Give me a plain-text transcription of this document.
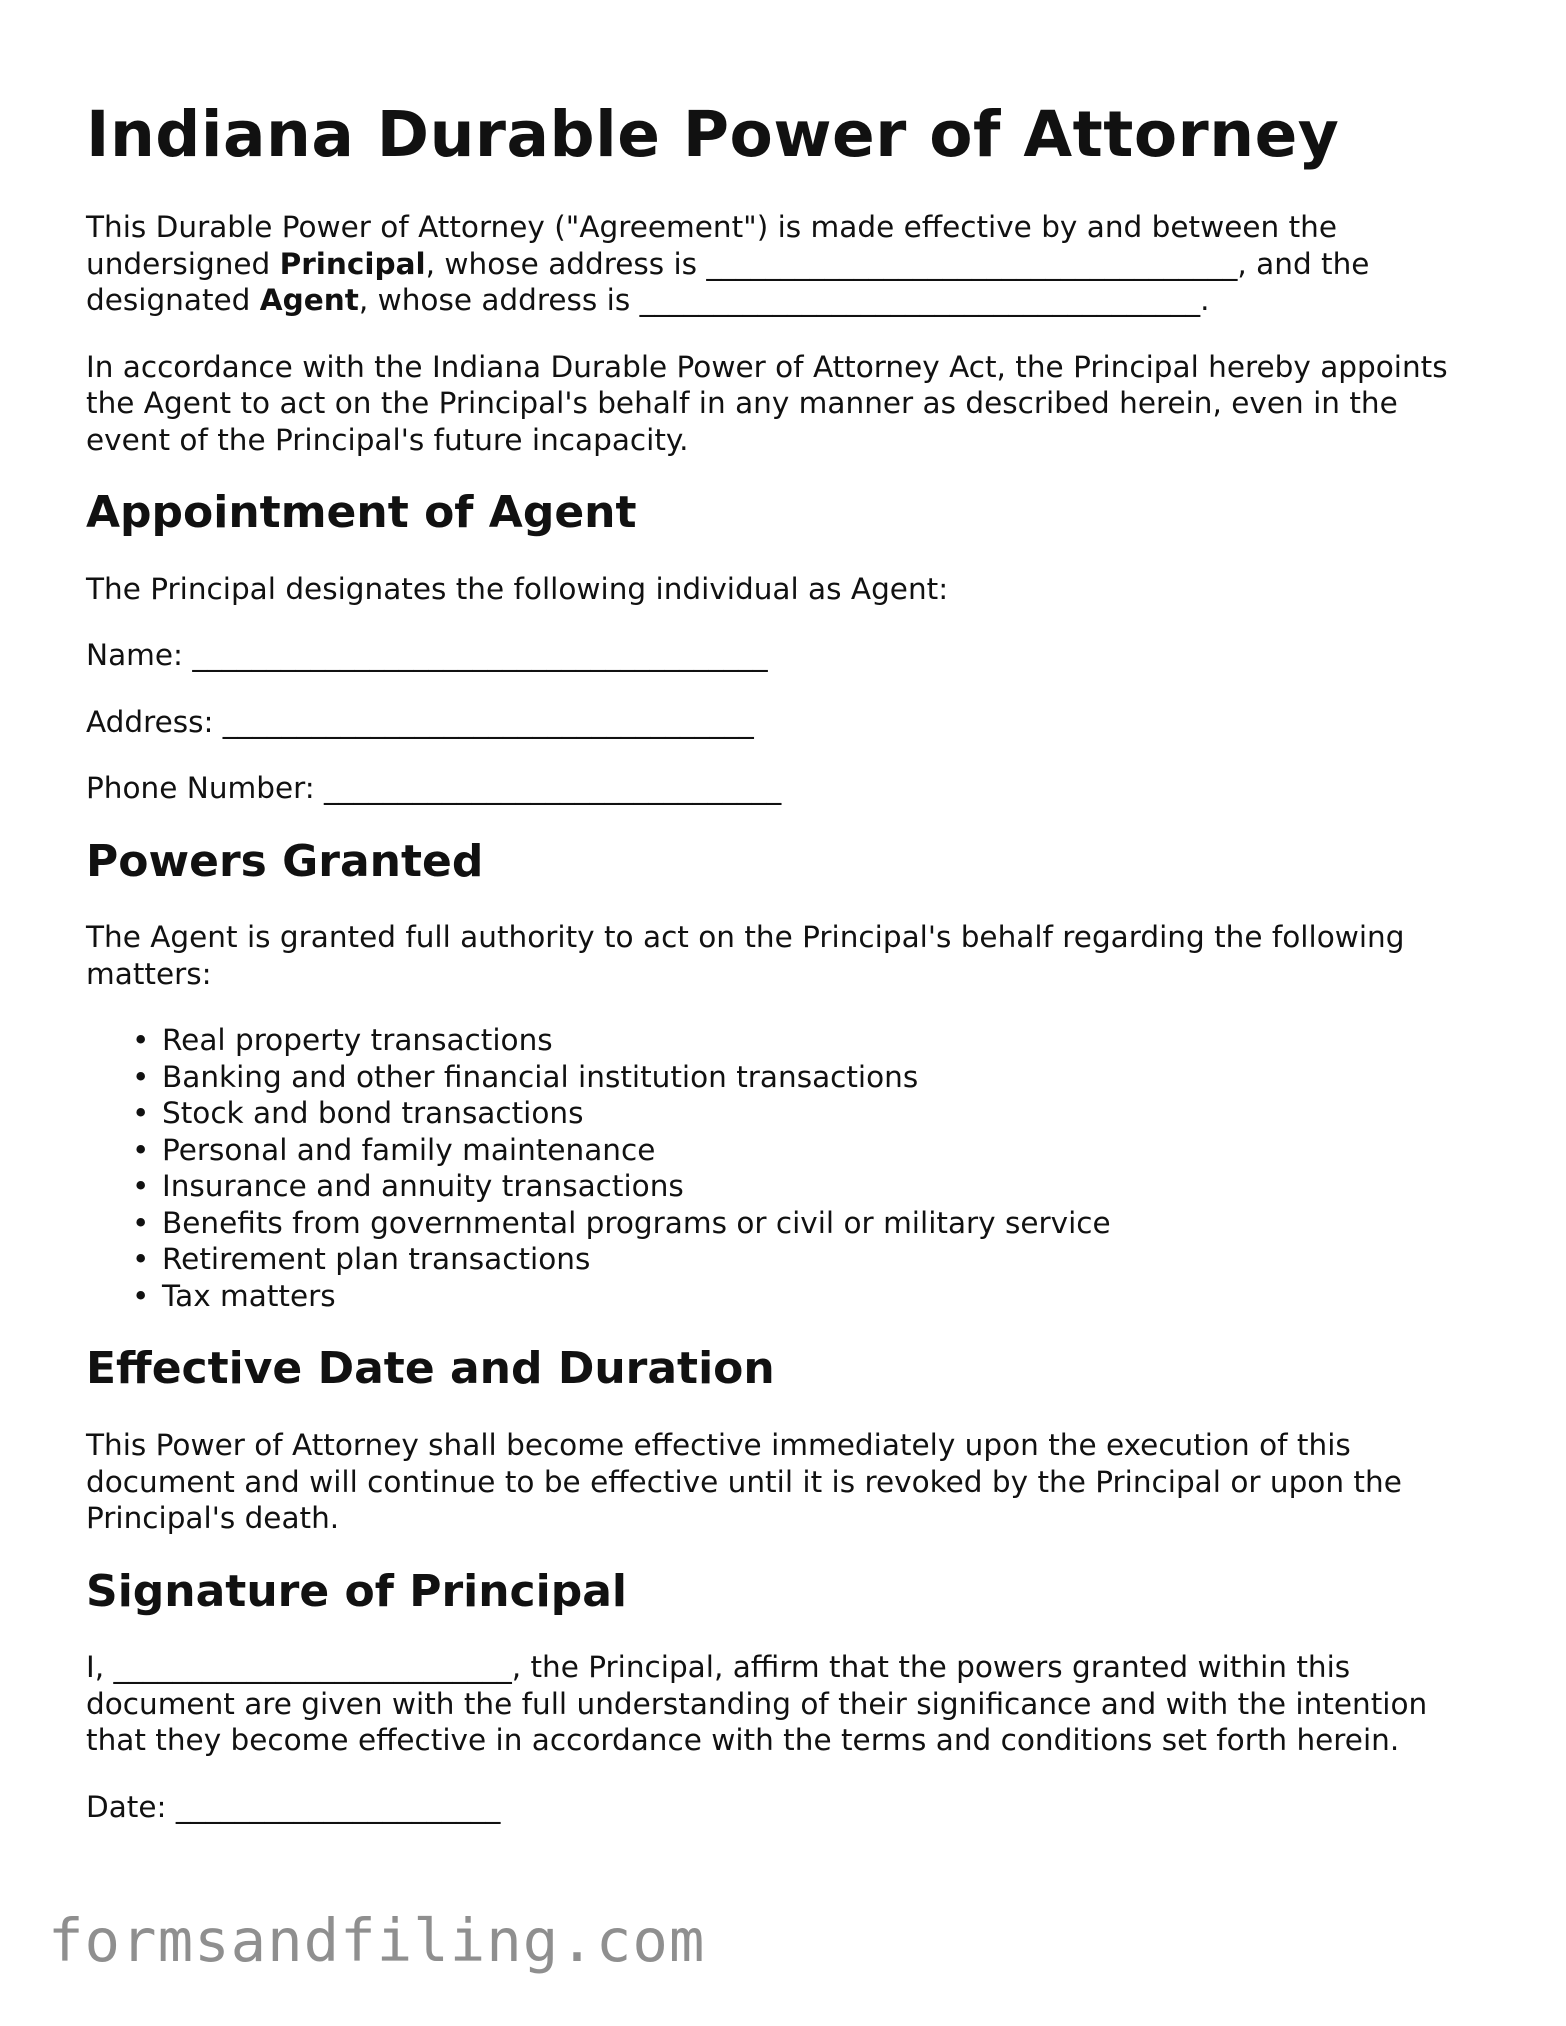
Indiana Durable Power of Attorney

This Durable Power of Attorney ("Agreement") is made effective by and between the undersigned Principal, whose address is ____________________________________, and the designated Agent, whose address is ______________________________________.

In accordance with the Indiana Durable Power of Attorney Act, the Principal hereby appoints the Agent to act on the Principal's behalf in any manner as described herein, even in the event of the Principal's future incapacity.

Appointment of Agent

The Principal designates the following individual as Agent:

Name: _______________________________________
Address: ____________________________________
Phone Number: _______________________________
Powers Granted

The Agent is granted full authority to act on the Principal's behalf regarding the following matters:

• Real property transactions
• Banking and other financial institution transactions
• Stock and bond transactions
• Personal and family maintenance
• Insurance and annuity transactions
• Benefits from governmental programs or civil or military service
• Retirement plan transactions
• Tax matters
Effective Date and Duration

This Power of Attorney shall become effective immediately upon the execution of this document and will continue to be effective until it is revoked by the Principal or upon the Principal's death.

Signature of Principal

I, ___________________________, the Principal, affirm that the powers granted within this document are given with the full understanding of their significance and with the intention that they become effective in accordance with the terms and conditions set forth herein.

Date: ______________________
formsandfiling.com
